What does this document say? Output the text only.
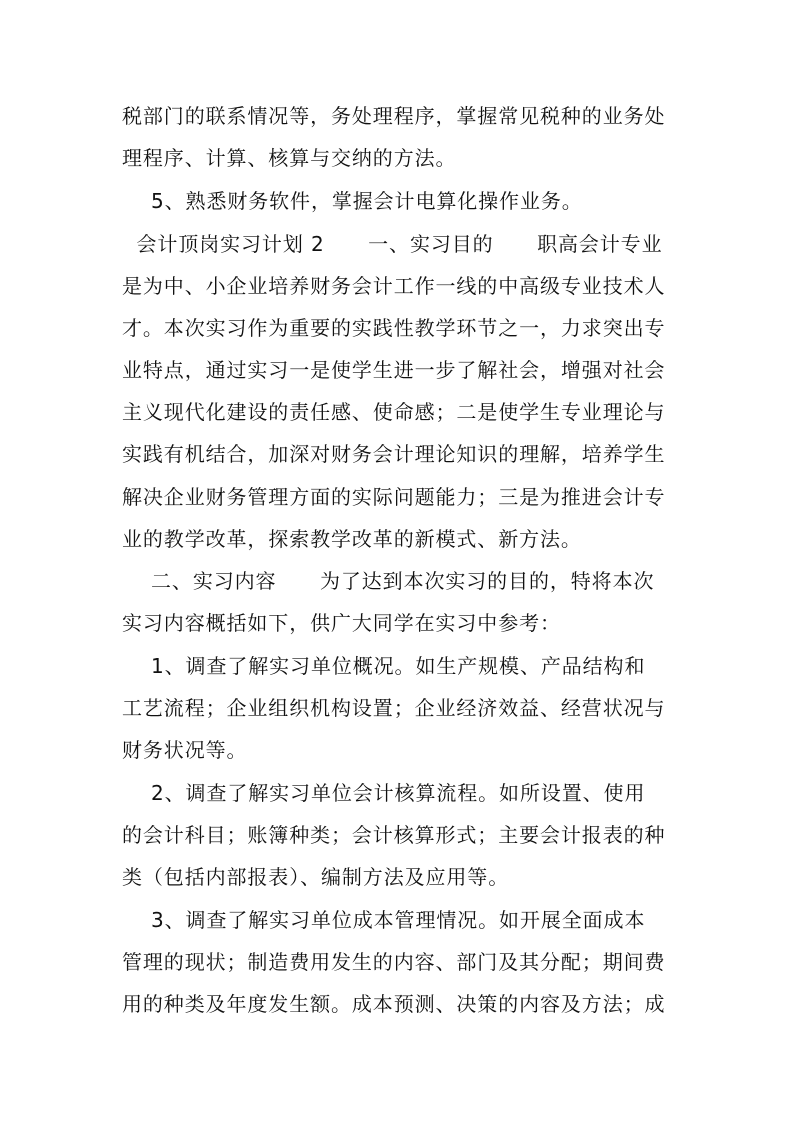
税部门的联系情况等，务处理程序，掌握常见税种的业务处
理程序、计算、核算与交纳的方法。
5、熟悉财务软件，掌握会计电算化操作业务。
会计顶岗实习计划 2      一、实习目的      职高会计专业
是为中、小企业培养财务会计工作一线的中高级专业技术人
才。本次实习作为重要的实践性教学环节之一，力求突出专
业特点，通过实习一是使学生进一步了解社会，增强对社会
主义现代化建设的责任感、使命感；二是使学生专业理论与
实践有机结合，加深对财务会计理论知识的理解，培养学生
解决企业财务管理方面的实际问题能力；三是为推进会计专
业的教学改革，探索教学改革的新模式、新方法。
二、实习内容      为了达到本次实习的目的，特将本次
实习内容概括如下，供广大同学在实习中参考：
1、调查了解实习单位概况。如生产规模、产品结构和
工艺流程；企业组织机构设置；企业经济效益、经营状况与
财务状况等。
2、调查了解实习单位会计核算流程。如所设置、使用
的会计科目；账簿种类；会计核算形式；主要会计报表的种
类（包括内部报表）、编制方法及应用等。
3、调查了解实习单位成本管理情况。如开展全面成本
管理的现状；制造费用发生的内容、部门及其分配；期间费
用的种类及年度发生额。成本预测、决策的内容及方法；成
